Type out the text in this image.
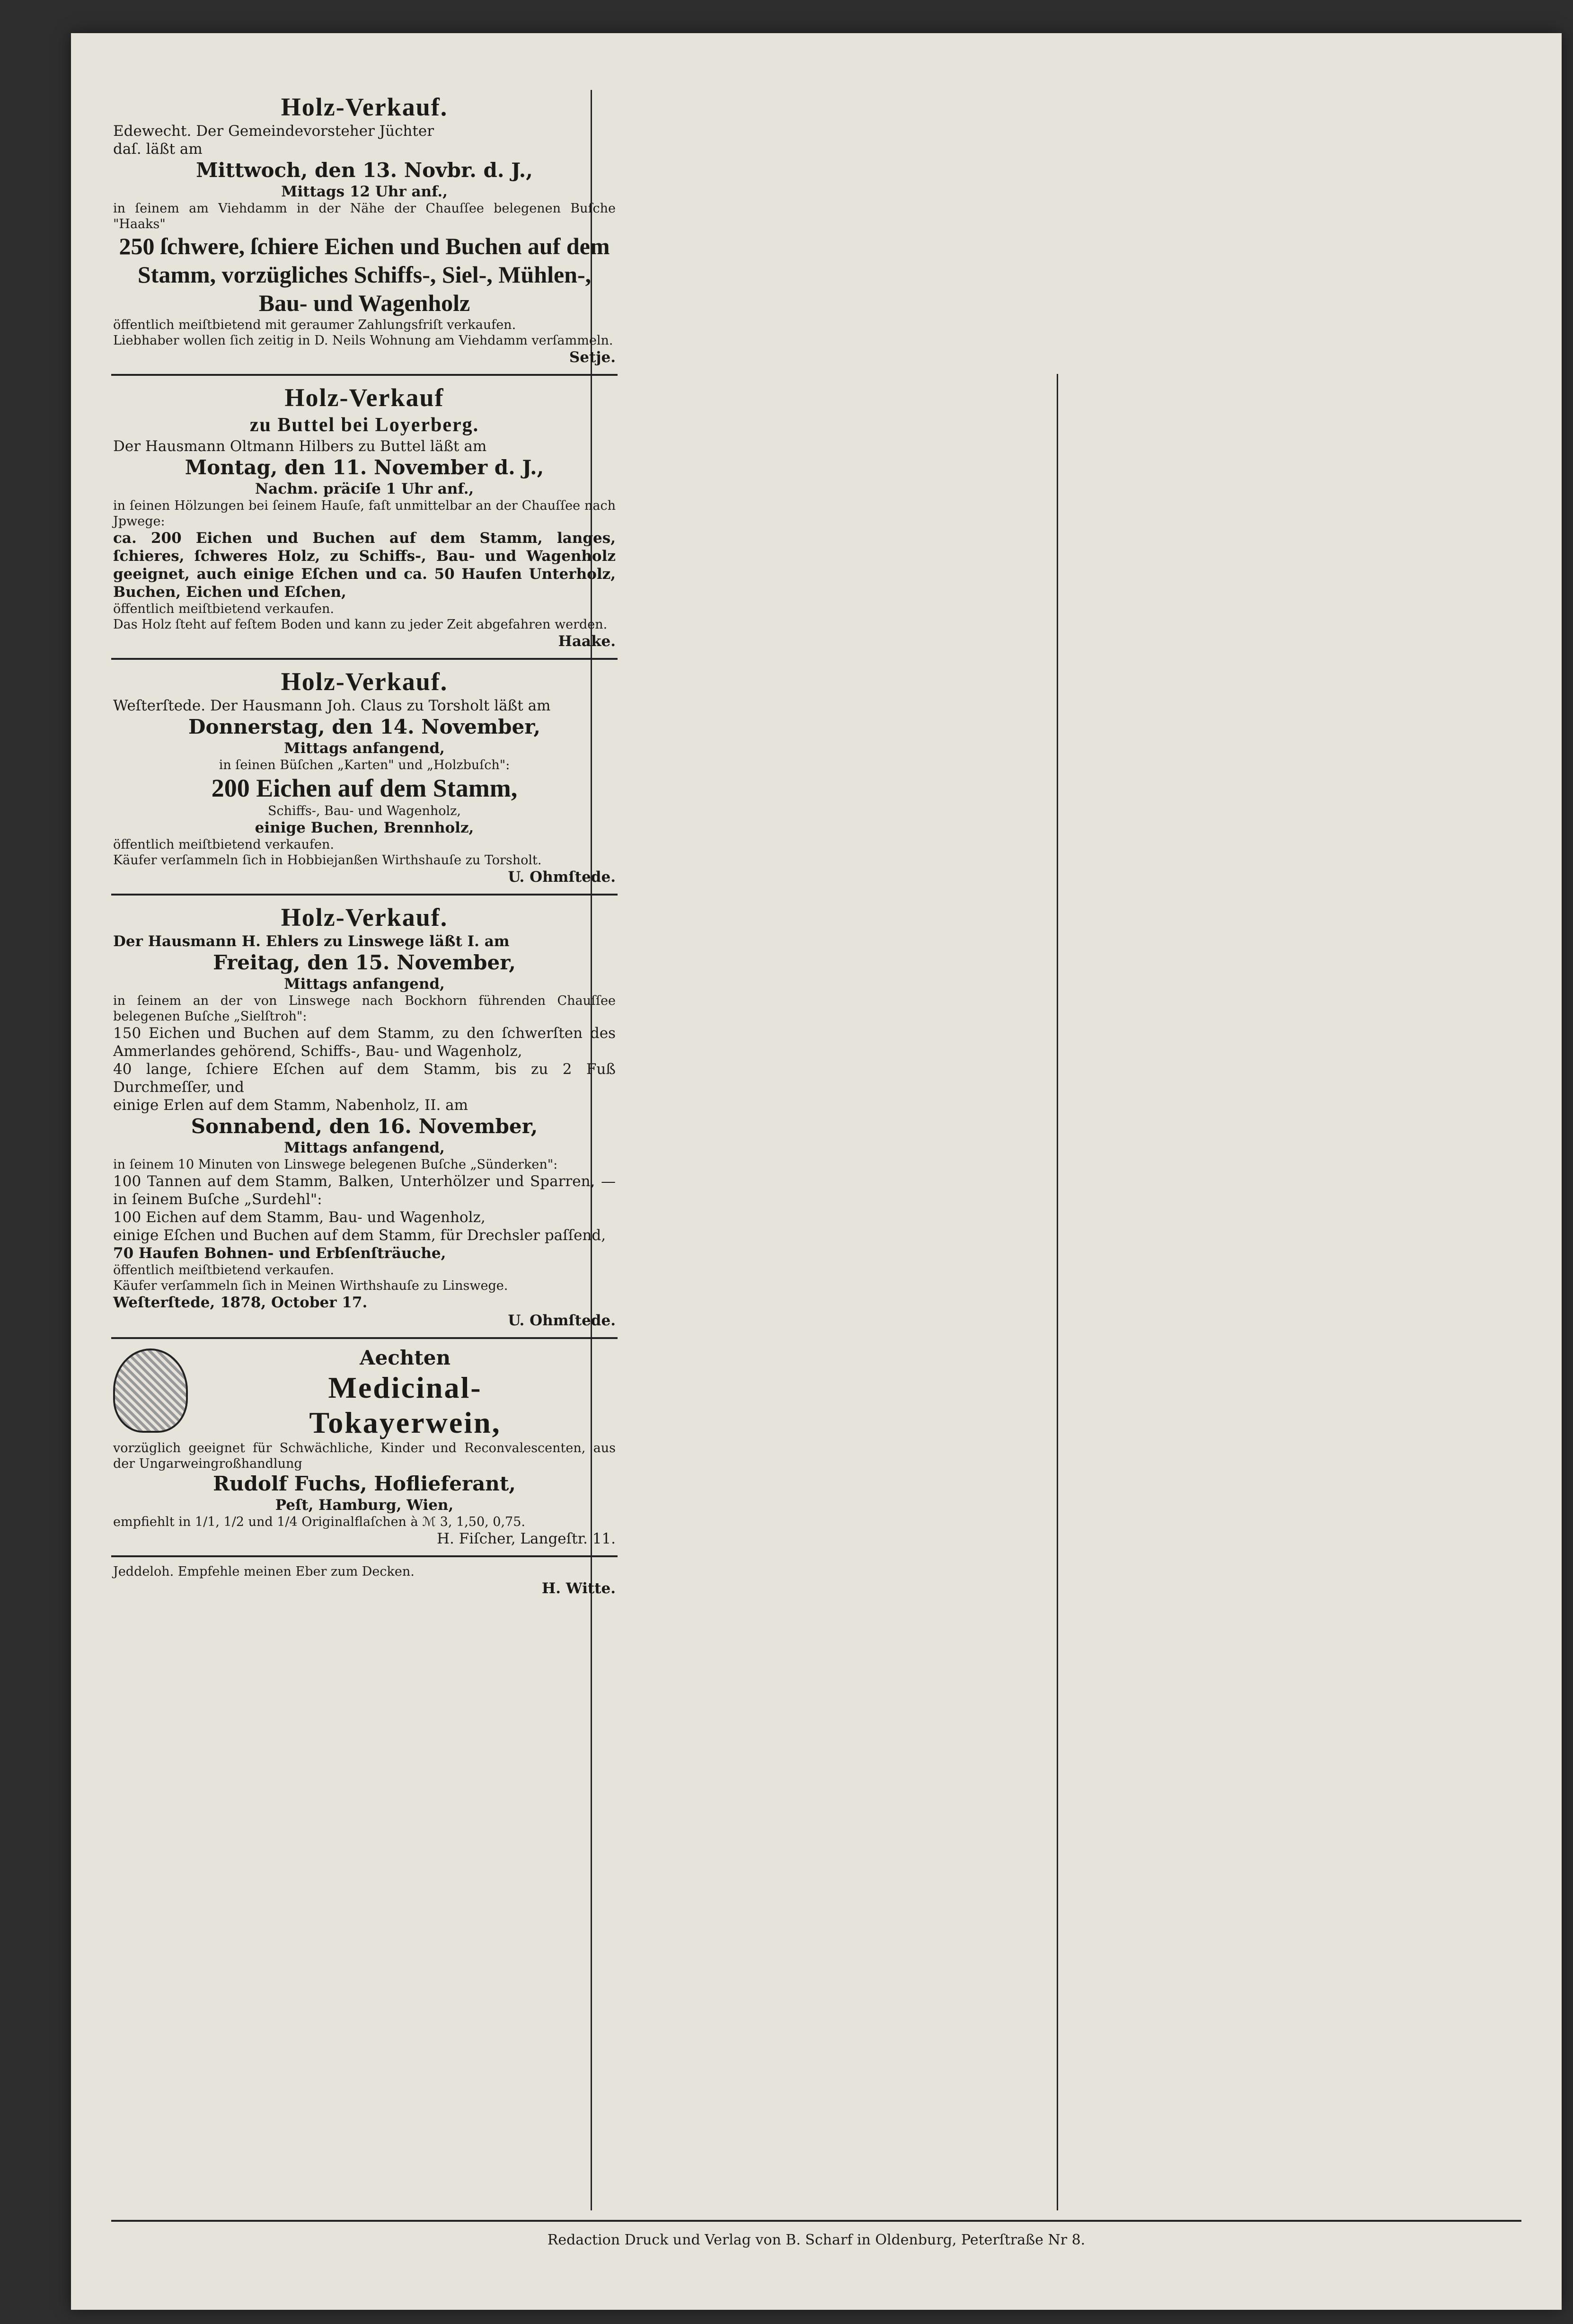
Holz-Verkauf.

Edewecht. Der Gemeindevorsteher Jüchter

daſ. läßt am

Mittwoch, den 13. Novbr. d. J.,
Mittags 12 Uhr anf.,

in ſeinem am Viehdamm in der Nähe der Chauſſee belegenen Buſche "Haaks"

250 ſchwere, ſchiere Eichen und Buchen auf dem Stamm, vorzügliches Schiffs-, Siel-, Mühlen-, Bau- und Wagenholz

öffentlich meiſtbietend mit geraumer Zahlungsfriſt verkaufen.

Liebhaber wollen ſich zeitig in D. Neils Wohnung am Viehdamm verſammeln.

Setje.
Holz-Verkauf
zu Buttel bei Loyerberg.

Der Hausmann Oltmann Hilbers zu Buttel läßt am

Montag, den 11. November d. J.,
Nachm. präciſe 1 Uhr anf.,

in ſeinen Hölzungen bei ſeinem Hauſe, faſt unmittelbar an der Chauſſee nach Jpwege:

ca. 200 Eichen und Buchen auf dem Stamm, langes, ſchieres, ſchweres Holz, zu Schiffs-, Bau- und Wagenholz geeignet, auch einige Eſchen und ca. 50 Haufen Unterholz, Buchen, Eichen und Eſchen,

öffentlich meiſtbietend verkaufen.

Das Holz ſteht auf feſtem Boden und kann zu jeder Zeit abgefahren werden.

Haake.
Holz-Verkauf.

Weſterſtede. Der Hausmann Joh. Claus zu Torsholt läßt am

Donnerstag, den 14. November,
Mittags anfangend,

in ſeinen Büſchen „Karten" und „Holzbuſch":

200 Eichen auf dem Stamm,

Schiffs-, Bau- und Wagenholz,

einige Buchen, Brennholz,

öffentlich meiſtbietend verkaufen.

Käufer verſammeln ſich in Hobbiejanßen Wirthshauſe zu Torsholt.

U. Ohmſtede.
Holz-Verkauf.

Der Hausmann H. Ehlers zu Linswege läßt I. am

Freitag, den 15. November,
Mittags anfangend,

in ſeinem an der von Linswege nach Bockhorn führenden Chauſſee belegenen Buſche „Sielſtroh":

150 Eichen und Buchen auf dem Stamm, zu den ſchwerſten des Ammerlandes gehörend, Schiffs-, Bau- und Wagenholz,

40 lange, ſchiere Eſchen auf dem Stamm, bis zu 2 Fuß Durchmeſſer, und

einige Erlen auf dem Stamm, Nabenholz, II. am

Sonnabend, den 16. November,
Mittags anfangend,

in ſeinem 10 Minuten von Linswege belegenen Buſche „Sünderken":

100 Tannen auf dem Stamm, Balken, Unterhölzer und Sparren, — in ſeinem Buſche „Surdehl":

100 Eichen auf dem Stamm, Bau- und Wagenholz,

einige Eſchen und Buchen auf dem Stamm, für Drechsler paſſend,

70 Haufen Bohnen- und Erbſenſträuche,

öffentlich meiſtbietend verkaufen.

Käufer verſammeln ſich in Meinen Wirthshauſe zu Linswege.

Weſterſtede, 1878, October 17.

U. Ohmſtede.
Aechten
Medicinal-
Tokayerwein,

vorzüglich geeignet für Schwächliche, Kinder und Reconvalescenten, aus der Ungarweingroßhandlung

Rudolf Fuchs, Hoflieferant,
Peſt, Hamburg, Wien,

empfiehlt in 1/1, 1/2 und 1/4 Originalflaſchen à ℳ 3, 1,50, 0,75.

H. Fiſcher, Langeſtr. 11.

Jeddeloh. Empfehle meinen Eber zum Decken.

H. Witte.

Redaction Druck und Verlag von B. Scharf in Oldenburg, Peterſtraße Nr 8.
